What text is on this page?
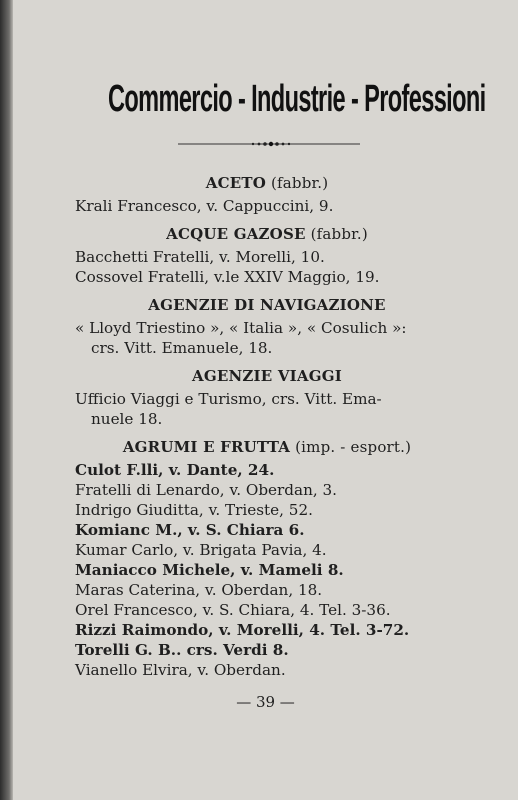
Commercio - Industrie - Professioni
ACETO (fabbr.)
Krali Francesco, v. Cappuccini, 9.
ACQUE GAZOSE (fabbr.)
Bacchetti Fratelli, v. Morelli, 10.
Cossovel Fratelli, v.le XXIV Maggio, 19.
AGENZIE DI NAVIGAZIONE
« Lloyd Triestino », « Italia », « Cosulich »:
crs. Vitt. Emanuele, 18.
AGENZIE VIAGGI
Ufficio Viaggi e Turismo, crs. Vitt. Ema-
nuele 18.
AGRUMI E FRUTTA (imp. - esport.)
Culot F.lli, v. Dante, 24.
Fratelli di Lenardo, v. Oberdan, 3.
Indrigo Giuditta, v. Trieste, 52.
Komianc M., v. S. Chiara 6.
Kumar Carlo, v. Brigata Pavia, 4.
Maniacco Michele, v. Mameli 8.
Maras Caterina, v. Oberdan, 18.
Orel Francesco, v. S. Chiara, 4. Tel. 3-36.
Rizzi Raimondo, v. Morelli, 4. Tel. 3-72.
Torelli G. B.. crs. Verdi 8.
Vianello Elvira, v. Oberdan.
— 39 —
